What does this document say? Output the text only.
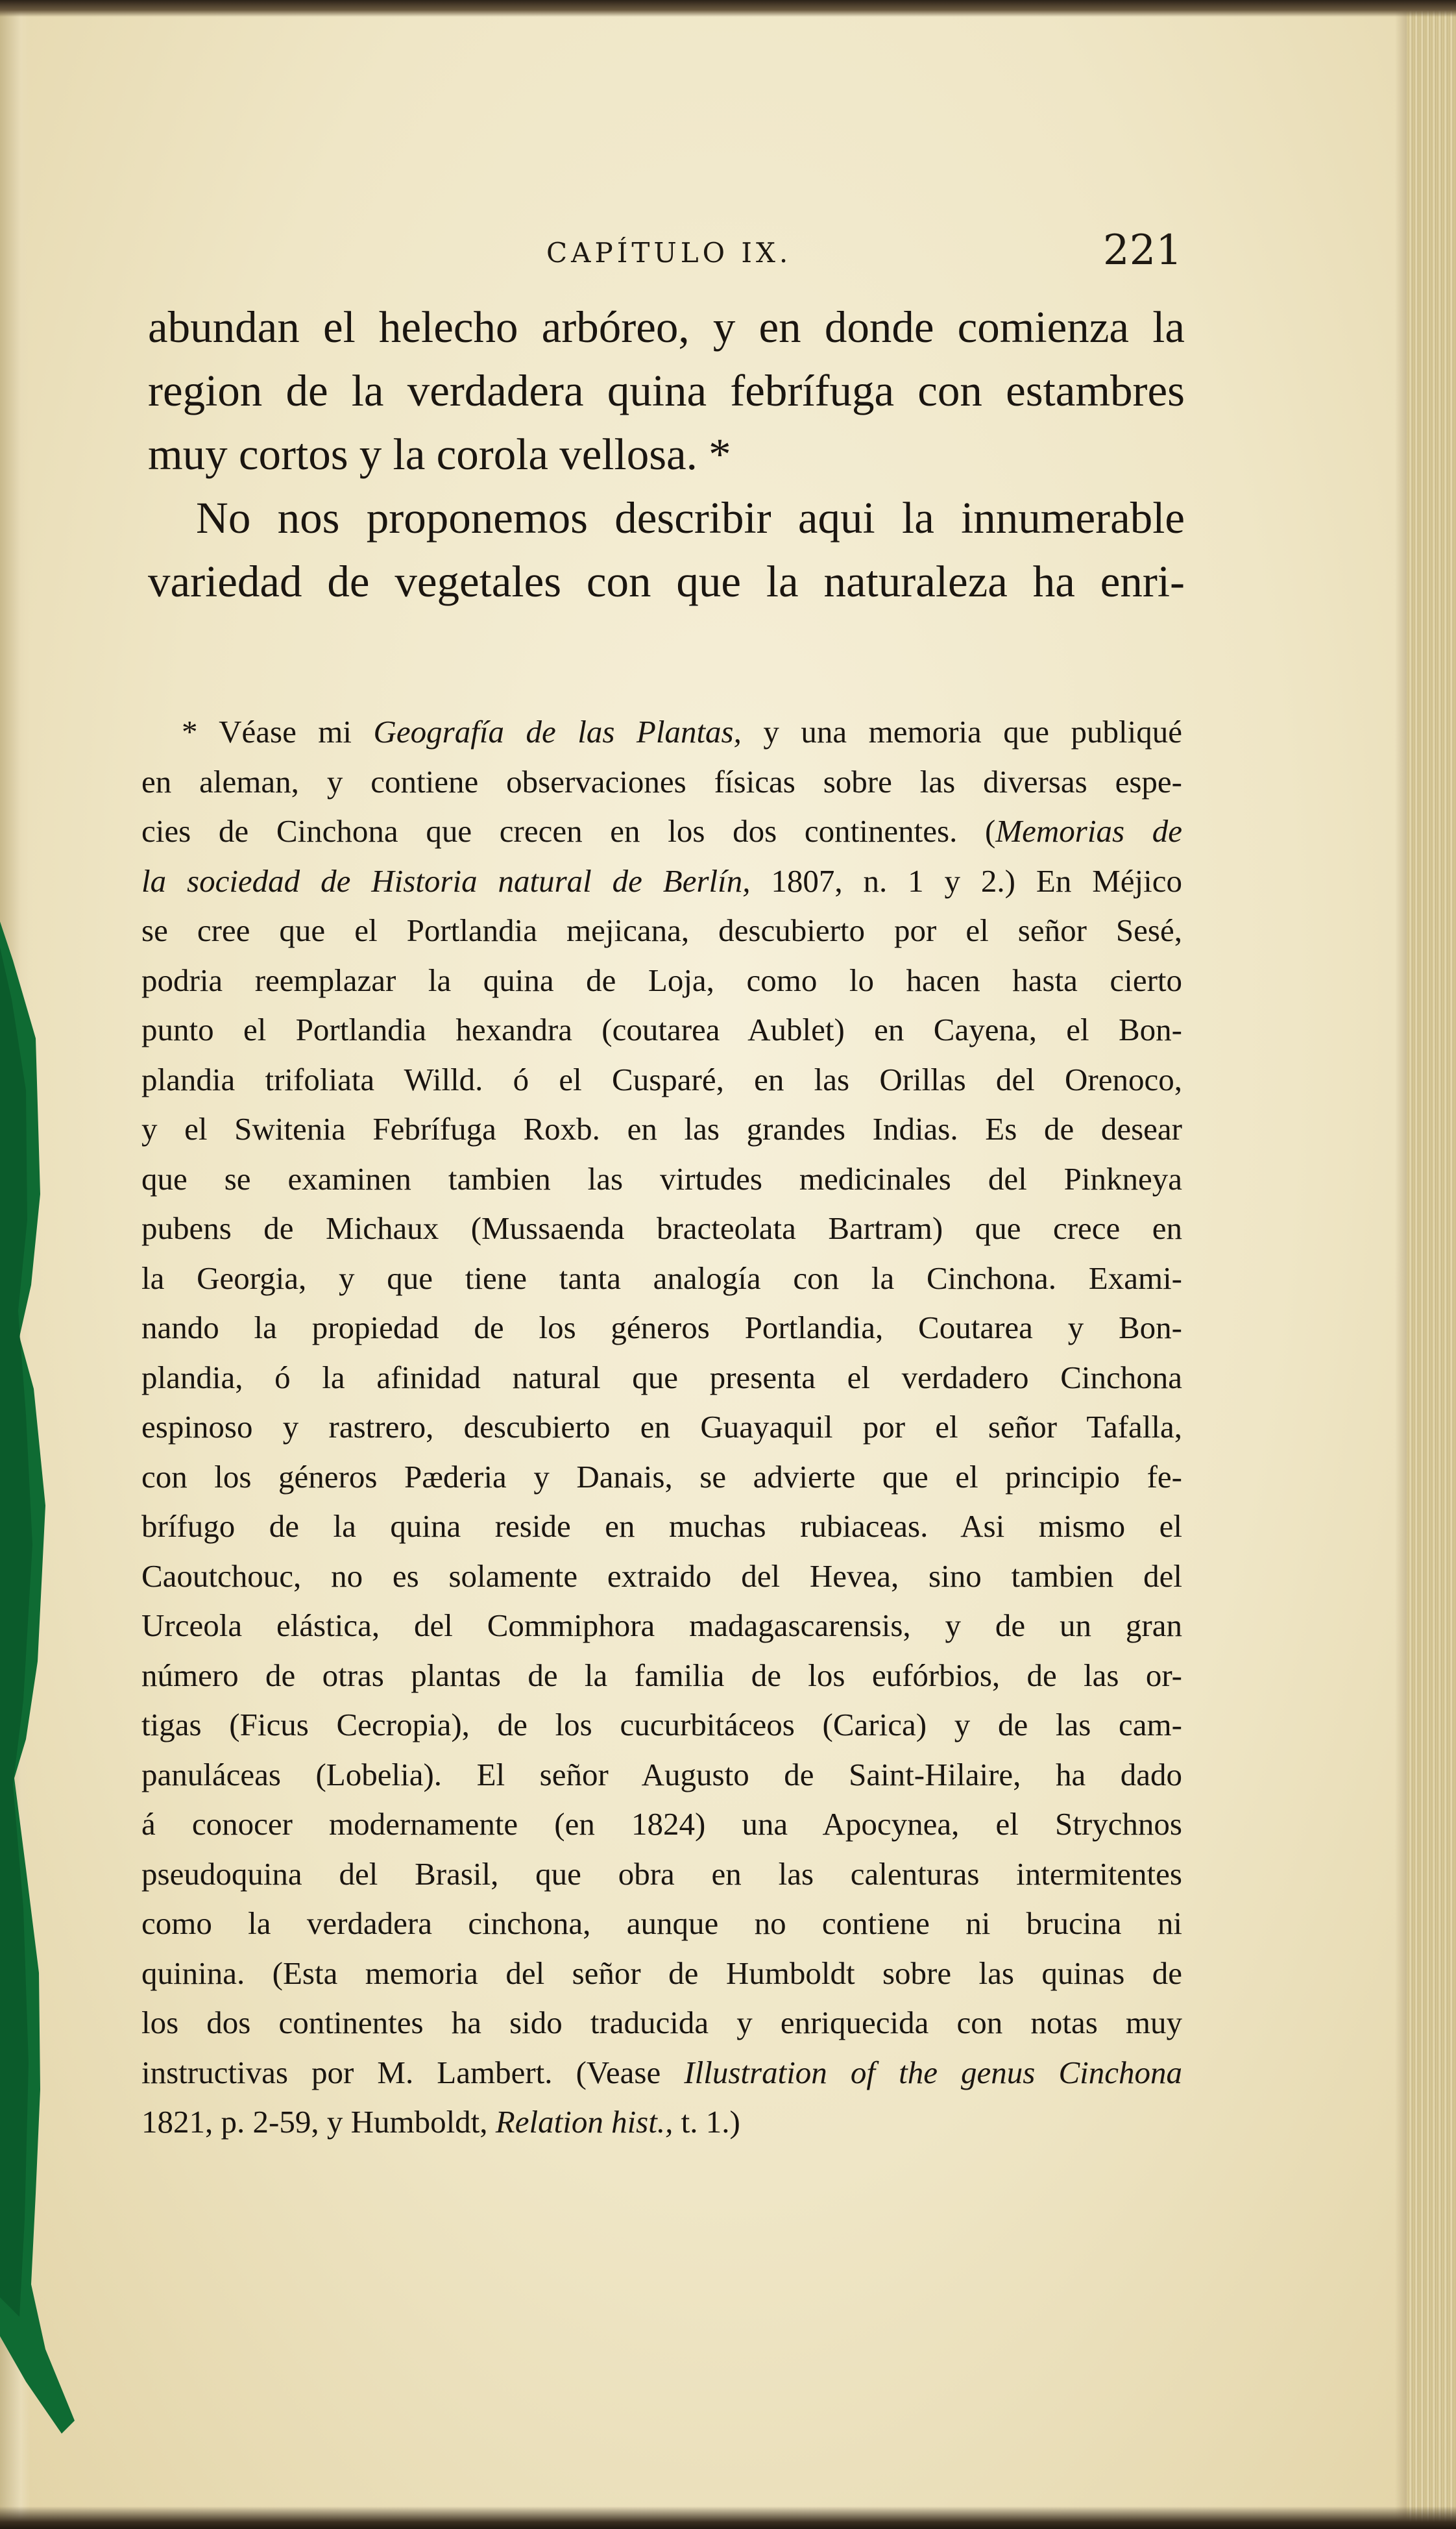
CAPÍTULO IX.	221
abundan el helecho arbóreo, y en donde comienza la
region de la verdadera quina febrífuga con estambres
muy cortos y la corola vellosa. *
No nos proponemos describir aqui la innumerable
variedad de vegetales con que la naturaleza ha enri-
* Véase mi Geografía de las Plantas, y una memoria que publiqué
en aleman, y contiene observaciones físicas sobre las diversas espe-
cies de Cinchona que crecen en los dos continentes. (Memorias de
la sociedad de Historia natural de Berlín, 1807, n. 1 y 2.) En Méjico
se cree que el Portlandia mejicana, descubierto por el señor Sesé,
podria reemplazar la quina de Loja, como lo hacen hasta cierto
punto el Portlandia hexandra (coutarea Aublet) en Cayena, el Bon-
plandia trifoliata Willd. ó el Cusparé, en las Orillas del Orenoco,
y el Switenia Febrífuga Roxb. en las grandes Indias. Es de desear
que se examinen tambien las virtudes medicinales del Pinkneya
pubens de Michaux (Mussaenda bracteolata Bartram) que crece en
la Georgia, y que tiene tanta analogía con la Cinchona. Exami-
nando la propiedad de los géneros Portlandia, Coutarea y Bon-
plandia, ó la afinidad natural que presenta el verdadero Cinchona
espinoso y rastrero, descubierto en Guayaquil por el señor Tafalla,
con los géneros Pæderia y Danais, se advierte que el principio fe-
brífugo de la quina reside en muchas rubiaceas. Asi mismo el
Caoutchouc, no es solamente extraido del Hevea, sino tambien del
Urceola elástica, del Commiphora madagascarensis, y de un gran
número de otras plantas de la familia de los eufórbios, de las or-
tigas (Ficus Cecropia), de los cucurbitáceos (Carica) y de las cam-
panuláceas (Lobelia). El señor Augusto de Saint-Hilaire, ha dado
á conocer modernamente (en 1824) una Apocynea, el Strychnos
pseudoquina del Brasil, que obra en las calenturas intermitentes
como la verdadera cinchona, aunque no contiene ni brucina ni
quinina. (Esta memoria del señor de Humboldt sobre las quinas de
los dos continentes ha sido traducida y enriquecida con notas muy
instructivas por M. Lambert. (Vease Illustration of the genus Cinchona
1821, p. 2-59, y Humboldt, Relation hist., t. 1.)
